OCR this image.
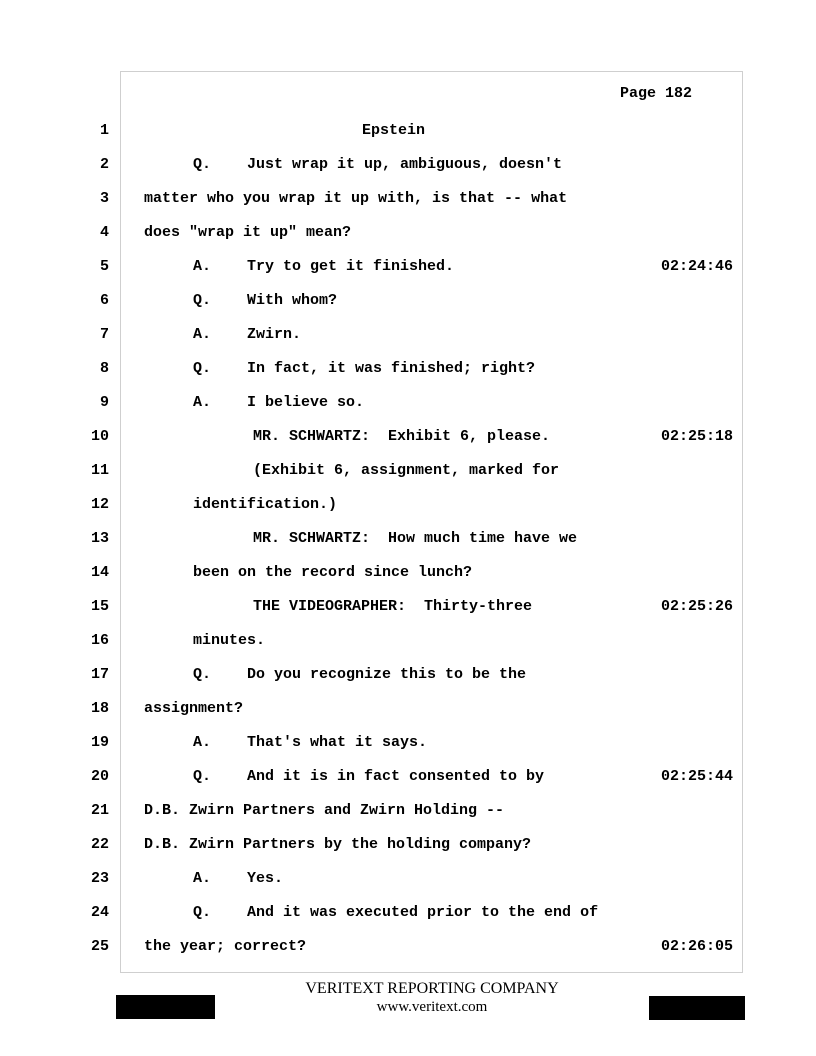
Page 182
1	Epstein
2	Q.    Just wrap it up, ambiguous, doesn't
3 matter who you wrap it up with, is that -- what
4 does "wrap it up" mean?
5	A.    Try to get it finished.	02:24:46
6	Q.    With whom?
7	A.    Zwirn.
8	Q.    In fact, it was finished; right?
9	A.    I believe so.
10	MR. SCHWARTZ:  Exhibit 6, please.	02:25:18
11	(Exhibit 6, assignment, marked for
12	identification.)
13	MR. SCHWARTZ:  How much time have we
14	been on the record since lunch?
15	THE VIDEOGRAPHER:  Thirty-three	02:25:26
16	minutes.
17	Q.    Do you recognize this to be the
18 assignment?
19	A.    That's what it says.
20	Q.    And it is in fact consented to by	02:25:44
21 D.B. Zwirn Partners and Zwirn Holding --
22 D.B. Zwirn Partners by the holding company?
23	A.    Yes.
24	Q.    And it was executed prior to the end of
25 the year; correct?	02:26:05
VERITEXT REPORTING COMPANY
www.veritext.com
